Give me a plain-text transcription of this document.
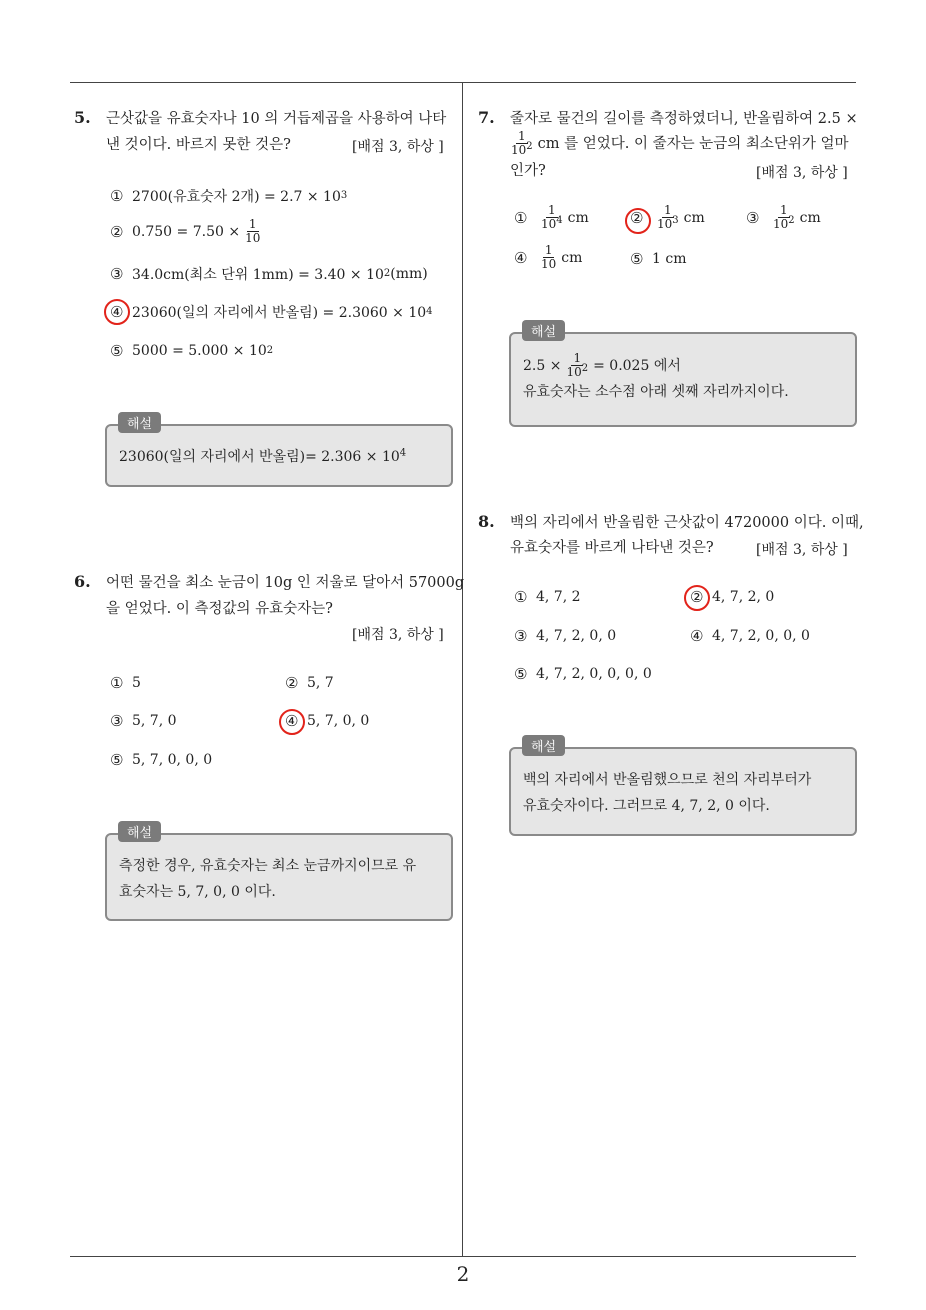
2
5. 근삿값을 유효숫자나 10 의 거듭제곱을 사용하여 나타
낸 것이다. 바르지 못한 것은?	[배점 3, 하상 ]
① 2700(유효숫자 2개) = 2.7 × 10 3
② $0.750 = 7.50 \times \frac{1}{10}$
③ 34.0cm(최소 단위 1mm) = 3.40 × 10 2 (mm)
④ 23060(일의 자리에서 반올림) = 2.3060 × 10 4
⑤ 5000 = 5.000 × 10 2
23060(일의 자리에서 반올림)= $2.306 \times 10^4$
해설
6. 어떤 물건을 최소 눈금이 10g 인 저울로 달아서 57000g
을 얻었다. 이 측정값의 유효숫자는?
[배점 3, 하상 ]
① 5	② 5, 7
③ 5, 7, 0	④ 5, 7, 0, 0
⑤ 5, 7, 0, 0, 0
측정한 경우, 유효숫자는 최소 눈금까지이므로 유
효숫자는 5, 7, 0, 0 이다.
해설
7. 줄자로 물건의 길이를 측정하였더니, 반올림하여 2.5 ×
$\frac{1}{10^2}$ cm 를 얻었다. 이 줄자는 눈금의 최소단위가 얼마
인가?	[배점 3, 하상 ]
① $\frac{1}{10^4}$ cm	② $\frac{1}{10^3}$ cm	③ $\frac{1}{10^2}$ cm
④ $\frac{1}{10}$ cm	⑤ 1 cm
$2.5 \times \frac{1}{10^2} = 0.025$ 에서
유효숫자는 소수점 아래 셋째 자리까지이다.
해설
8. 백의 자리에서 반올림한 근삿값이 4720000 이다. 이때,
유효숫자를 바르게 나타낸 것은?	[배점 3, 하상 ]
① 4, 7, 2	② 4, 7, 2, 0
③ 4, 7, 2, 0, 0	④ 4, 7, 2, 0, 0, 0
⑤ 4, 7, 2, 0, 0, 0, 0
백의 자리에서 반올림했으므로 천의 자리부터가
유효숫자이다. 그러므로 4, 7, 2, 0 이다.
해설
